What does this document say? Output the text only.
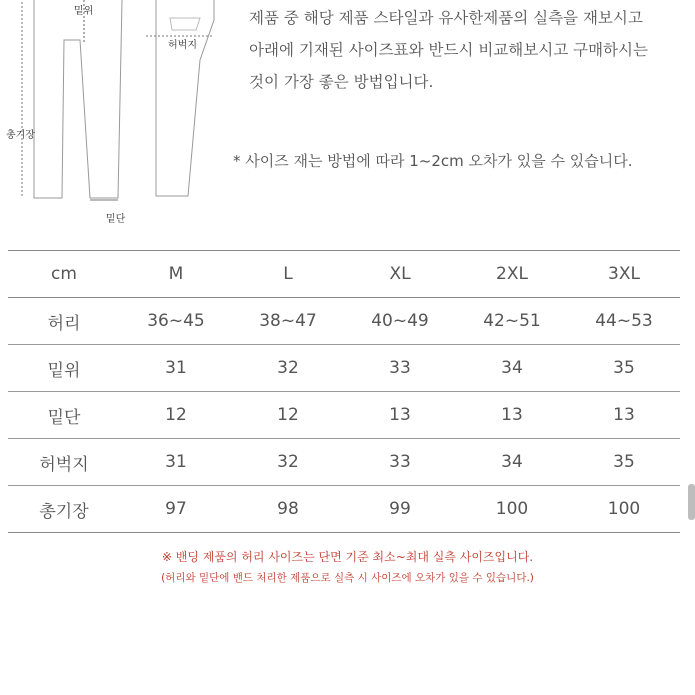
밑위
허벅지
총기장
밑단

제품 중 해당 제품 스타일과 유사한제품의 실측을 재보시고

아래에 기재된 사이즈표와 반드시 비교해보시고 구매하시는

것이 가장 좋은 방법입니다.

* 사이즈 재는 방법에 따라 1~2cm 오차가 있을 수 있습니다.
cm	M	L	XL	2XL	3XL
허리	36~45	38~47	40~49	42~51	44~53
밑위	31	32	33	34	35
밑단	12	12	13	13	13
허벅지	31	32	33	34	35
총기장	97	98	99	100	100
※ 밴딩 제품의 허리 사이즈는 단면 기준 최소~최대 실측 사이즈입니다.
(허리와 밑단에 밴드 처리한 제품으로 실측 시 사이즈에 오차가 있을 수 있습니다.)
